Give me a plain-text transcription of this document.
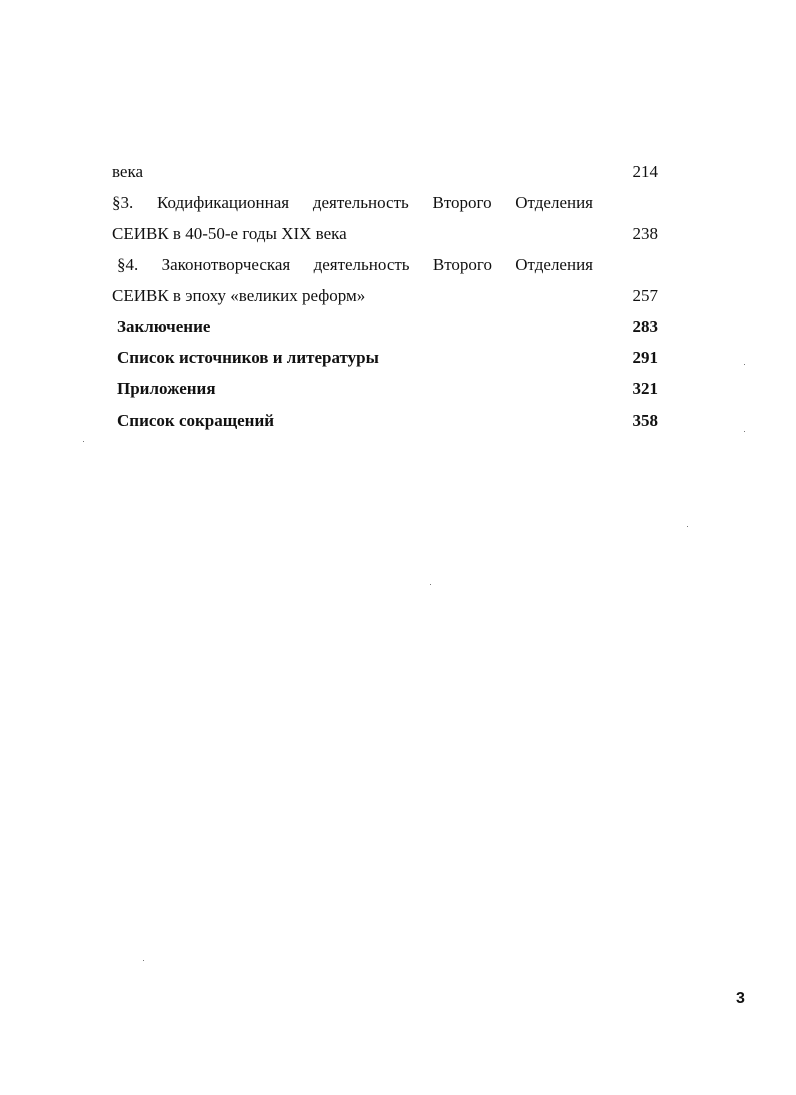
века	214
§3. Кодификационная деятельность Второго Отделения
СЕИВК в 40-50-е годы XIX века	238
§4. Законотворческая деятельность Второго Отделения
СЕИВК в эпоху «великих реформ»	257
Заключение	283
Список источников и литературы	291
Приложения	321
Список сокращений	358
3
